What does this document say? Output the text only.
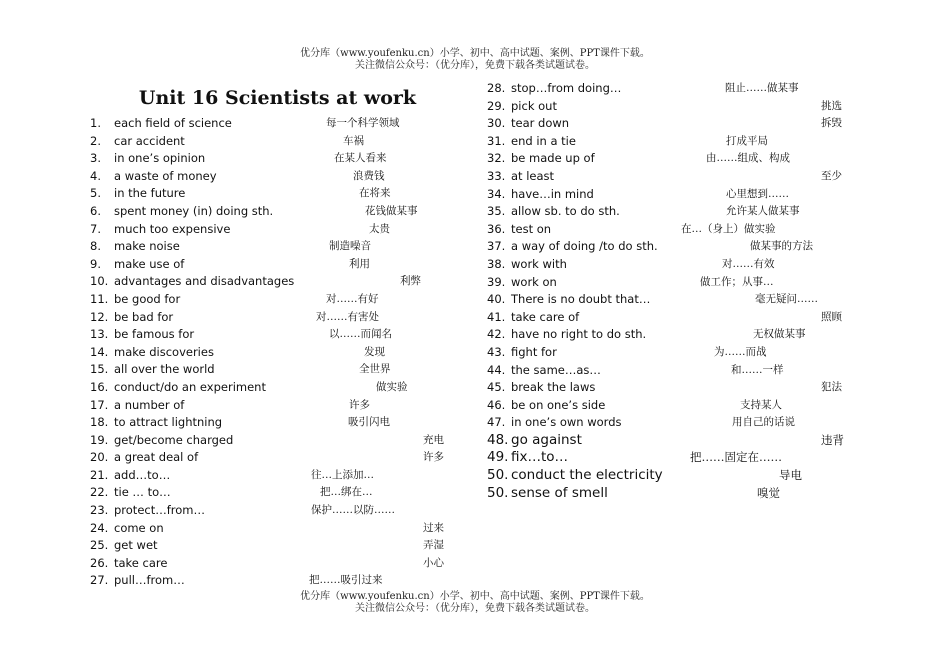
优分库（www.youfenku.cn）小学、初中、高中试题、案例、PPT课件下载。
关注微信公众号：（优分库），免费下载各类试题试卷。
Unit 16 Scientists at work
1. each field of science	每一个科学领域
2. car accident	车祸
3. in one’s opinion	在某人看来
4. a waste of money	浪费钱
5. in the future	在将来
6. spent money (in) doing sth.	花钱做某事
7. much too expensive	太贵
8. make noise	制造噪音
9. make use of	利用
10. advantages and disadvantages	利弊
11. be good for	对……有好
12. be bad for	对……有害处
13. be famous for	以……而闻名
14. make discoveries	发现
15. all over the world	全世界
16. conduct/do an experiment	做实验
17. a number of	许多
18. to attract lightning	吸引闪电
19. get/become charged	充电
20. a great deal of	许多
21. add…to…	往…上添加…
22. tie … to…	把…绑在…
23. protect…from…	保护……以防……
24. come on	过来
25. get wet	弄湿
26. take care	小心
27. pull…from…	把……吸引过来
28. stop…from doing…	阻止……做某事
29. pick out	挑选
30. tear down	拆毁
31. end in a tie	打成平局
32. be made up of	由……组成、构成
33. at least	至少
34. have…in mind	心里想到……
35. allow sb. to do sth.	允许某人做某事
36. test on	在…（身上）做实验
37. a way of doing /to do sth.	做某事的方法
38. work with	对……有效
39. work on	做工作；从事…
40. There is no doubt that…	毫无疑问……
41. take care of	照顾
42. have no right to do sth.	无权做某事
43. fight for	为……而战
44. the same…as…	和……一样
45. break the laws	犯法
46. be on one’s side	支持某人
47. in one’s own words	用自己的话说
48. go against	违背
49. fix…to…	把……固定在……
50. conduct the electricity	导电
50. sense of smell	嗅觉
优分库（www.youfenku.cn）小学、初中、高中试题、案例、PPT课件下载。
关注微信公众号：（优分库），免费下载各类试题试卷。
